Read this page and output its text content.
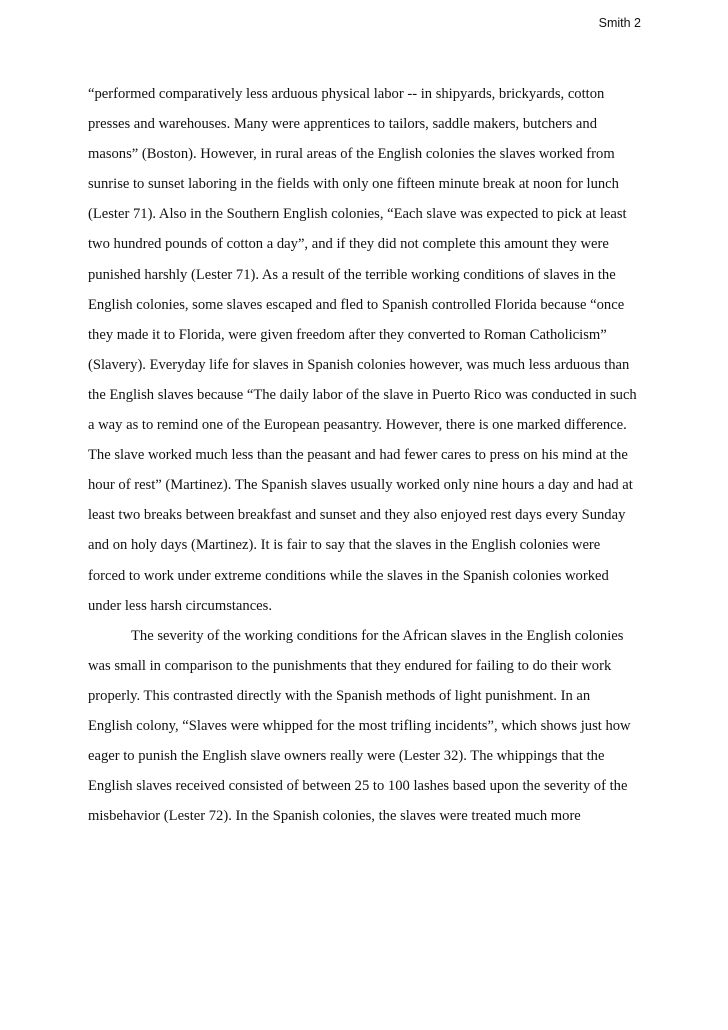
Smith 2
“performed comparatively less arduous physical labor -- in shipyards, brickyards, cotton
presses and warehouses. Many were apprentices to tailors, saddle makers, butchers and
masons” (Boston). However, in rural areas of the English colonies the slaves worked from
sunrise to sunset laboring in the fields with only one fifteen minute break at noon for lunch
(Lester 71). Also in the Southern English colonies, “Each slave was expected to pick at least
two hundred pounds of cotton a day”, and if they did not complete this amount they were
punished harshly (Lester 71). As a result of the terrible working conditions of slaves in the
English colonies, some slaves escaped and fled to Spanish controlled Florida because “once
they made it to Florida, were given freedom after they converted to Roman Catholicism”
(Slavery). Everyday life for slaves in Spanish colonies however, was much less arduous than
the English slaves because “The daily labor of the slave in Puerto Rico was conducted in such
a way as to remind one of the European peasantry. However, there is one marked difference.
The slave worked much less than the peasant and had fewer cares to press on his mind at the
hour of rest” (Martinez). The Spanish slaves usually worked only nine hours a day and had at
least two breaks between breakfast and sunset and they also enjoyed rest days every Sunday
and on holy days (Martinez). It is fair to say that the slaves in the English colonies were
forced to work under extreme conditions while the slaves in the Spanish colonies worked
under less harsh circumstances.
The severity of the working conditions for the African slaves in the English colonies
was small in comparison to the punishments that they endured for failing to do their work
properly. This contrasted directly with the Spanish methods of light punishment. In an
English colony, “Slaves were whipped for the most trifling incidents”, which shows just how
eager to punish the English slave owners really were (Lester 32). The whippings that the
English slaves received consisted of between 25 to 100 lashes based upon the severity of the
misbehavior (Lester 72). In the Spanish colonies, the slaves were treated much more
